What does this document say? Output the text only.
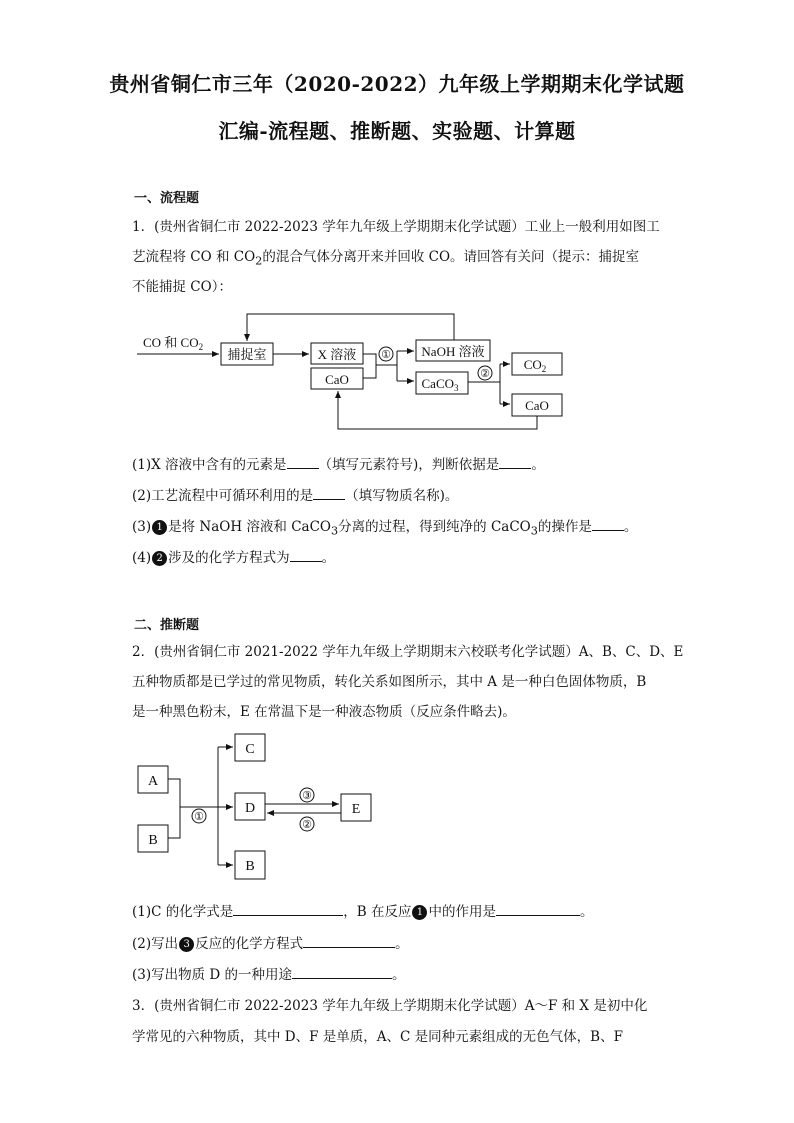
贵州省铜仁市三年（2020-2022）九年级上学期期末化学试题
汇编-流程题、推断题、实验题、计算题
一、流程题
1．(贵州省铜仁市 2022-2023 学年九年级上学期期末化学试题）工业上一般利用如图工
艺流程将 CO 和 $CO_2$的混合气体分离开来并回收 CO。请回答有关问（提示：捕捉室
不能捕捉 CO）：
CO 和 $CO_2$ 捕捉室	X 溶液
CaO
NaOH 溶液
CaCO$_3$
$CO_2$
CaO
①
②
(1)X 溶液中含有的元素是 （填写元素符号)，判断依据是 。
(2)工艺流程中可循环利用的是 （填写物质名称)。
(3) 1 是将 NaOH 溶液和 CaCO$_3$分离的过程，得到纯净的 CaCO$_3$的操作是 。
(4) 2 涉及的化学方程式为 。
二、推断题
2．(贵州省铜仁市 2021-2022 学年九年级上学期期末六校联考化学试题）A、B、C、D、E
五种物质都是已学过的常见物质，转化关系如图所示，其中 A 是一种白色固体物质，B
是一种黑色粉末，E 在常温下是一种液态物质（反应条件略去)。
A
B
C
D
B
E
①
③
②
(1)C 的化学式是	，B 在反应 1 中的作用是	。
(2)写出 3 反应的化学方程式	。
(3)写出物质 D 的一种用途	。
3．(贵州省铜仁市 2022-2023 学年九年级上学期期末化学试题）A～F 和 X 是初中化
学常见的六种物质，其中 D、F 是单质，A、C 是同种元素组成的无色气体，B、F
